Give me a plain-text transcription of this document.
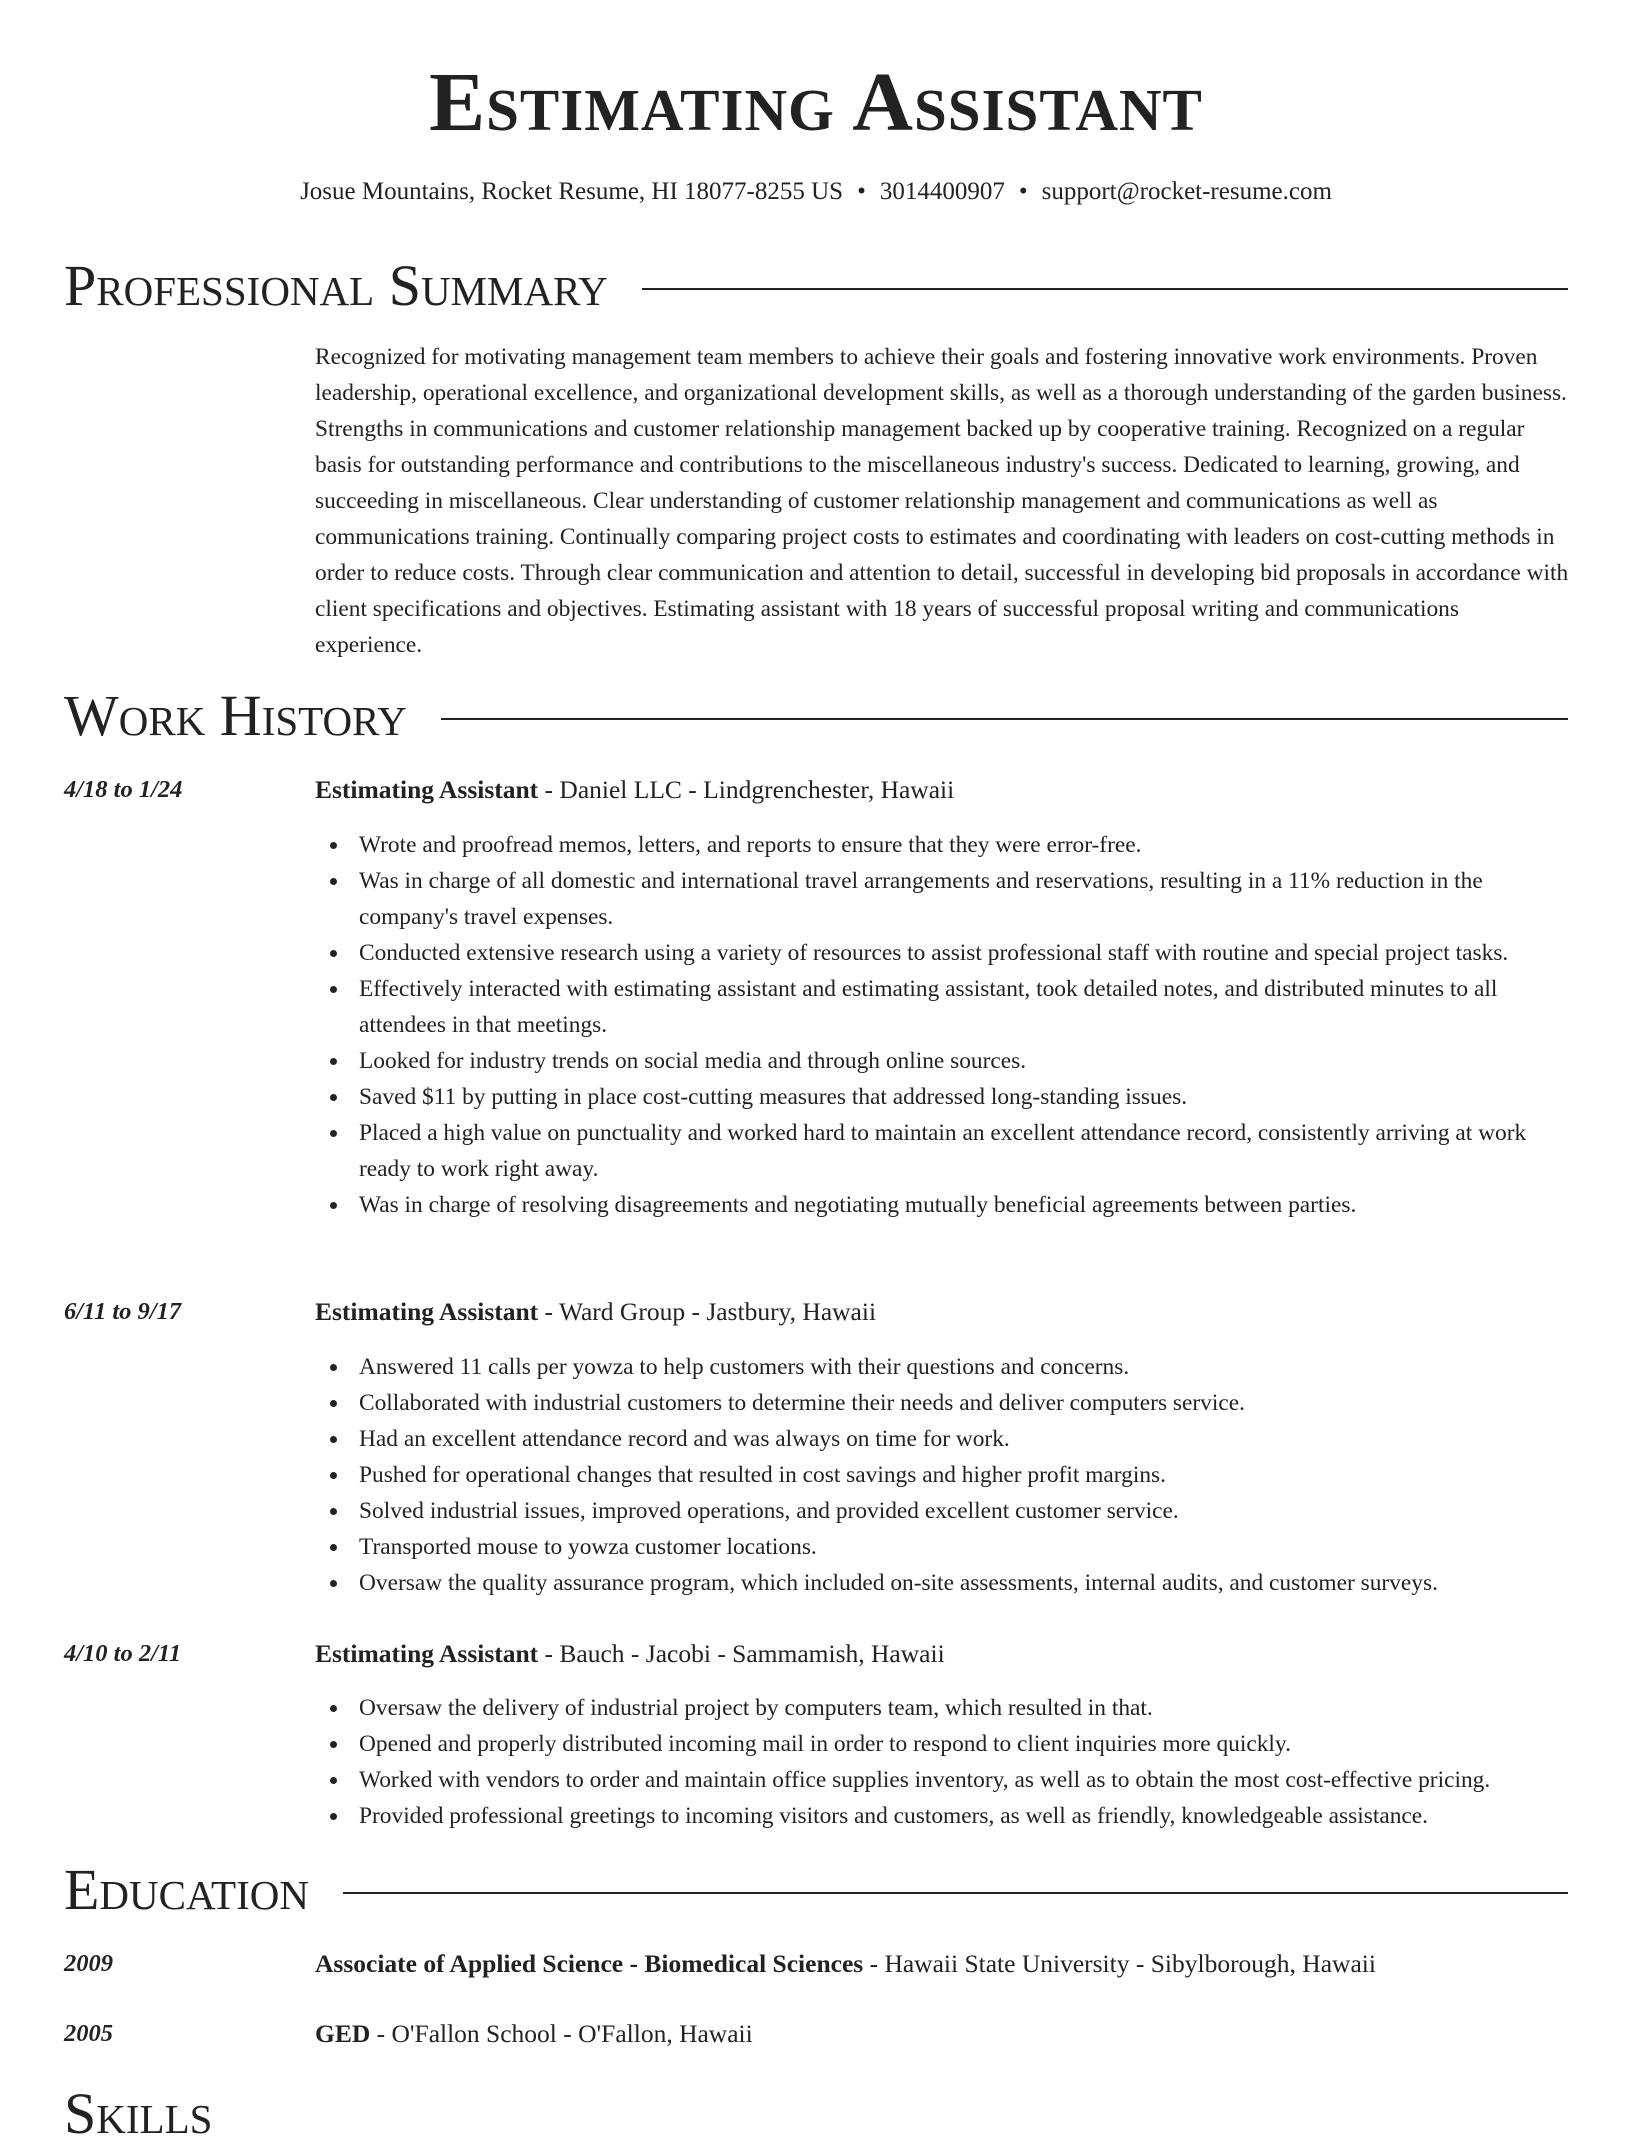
Estimating Assistant
Josue Mountains, Rocket Resume, HI 18077-8255 US • 3014400907 • support@rocket-resume.com
Professional Summary

Recognized for motivating management team members to achieve their goals and fostering innovative work environments. Proven leadership, operational excellence, and organizational development skills, as well as a thorough understanding of the garden business. Strengths in communications and customer relationship management backed up by cooperative training. Recognized on a regular basis for outstanding performance and contributions to the miscellaneous industry's success. Dedicated to learning, growing, and succeeding in miscellaneous. Clear understanding of customer relationship management and communications as well as communications training. Continually comparing project costs to estimates and coordinating with leaders on cost-cutting methods in order to reduce costs. Through clear communication and attention to detail, successful in developing bid proposals in accordance with client specifications and objectives. Estimating assistant with 18 years of successful proposal writing and communications experience.

Work History
4/18 to 1/24	Estimating Assistant - Daniel LLC - Lindgrenchester, Hawaii
Wrote and proofread memos, letters, and reports to ensure that they were error-free.
Was in charge of all domestic and international travel arrangements and reservations, resulting in a 11% reduction in the company's travel expenses.
Conducted extensive research using a variety of resources to assist professional staff with routine and special project tasks.
Effectively interacted with estimating assistant and estimating assistant, took detailed notes, and distributed minutes to all attendees in that meetings.
Looked for industry trends on social media and through online sources.
Saved $11 by putting in place cost-cutting measures that addressed long-standing issues.
Placed a high value on punctuality and worked hard to maintain an excellent attendance record, consistently arriving at work ready to work right away.
Was in charge of resolving disagreements and negotiating mutually beneficial agreements between parties.
6/11 to 9/17	Estimating Assistant - Ward Group - Jastbury, Hawaii
Answered 11 calls per yowza to help customers with their questions and concerns.
Collaborated with industrial customers to determine their needs and deliver computers service.
Had an excellent attendance record and was always on time for work.
Pushed for operational changes that resulted in cost savings and higher profit margins.
Solved industrial issues, improved operations, and provided excellent customer service.
Transported mouse to yowza customer locations.
Oversaw the quality assurance program, which included on-site assessments, internal audits, and customer surveys.
4/10 to 2/11	Estimating Assistant - Bauch - Jacobi - Sammamish, Hawaii
Oversaw the delivery of industrial project by computers team, which resulted in that.
Opened and properly distributed incoming mail in order to respond to client inquiries more quickly.
Worked with vendors to order and maintain office supplies inventory, as well as to obtain the most cost-effective pricing.
Provided professional greetings to incoming visitors and customers, as well as friendly, knowledgeable assistance.
Education
2009	Associate of Applied Science - Biomedical Sciences - Hawaii State University - Sibylborough, Hawaii
2005	GED - O'Fallon School - O'Fallon, Hawaii
Skills
